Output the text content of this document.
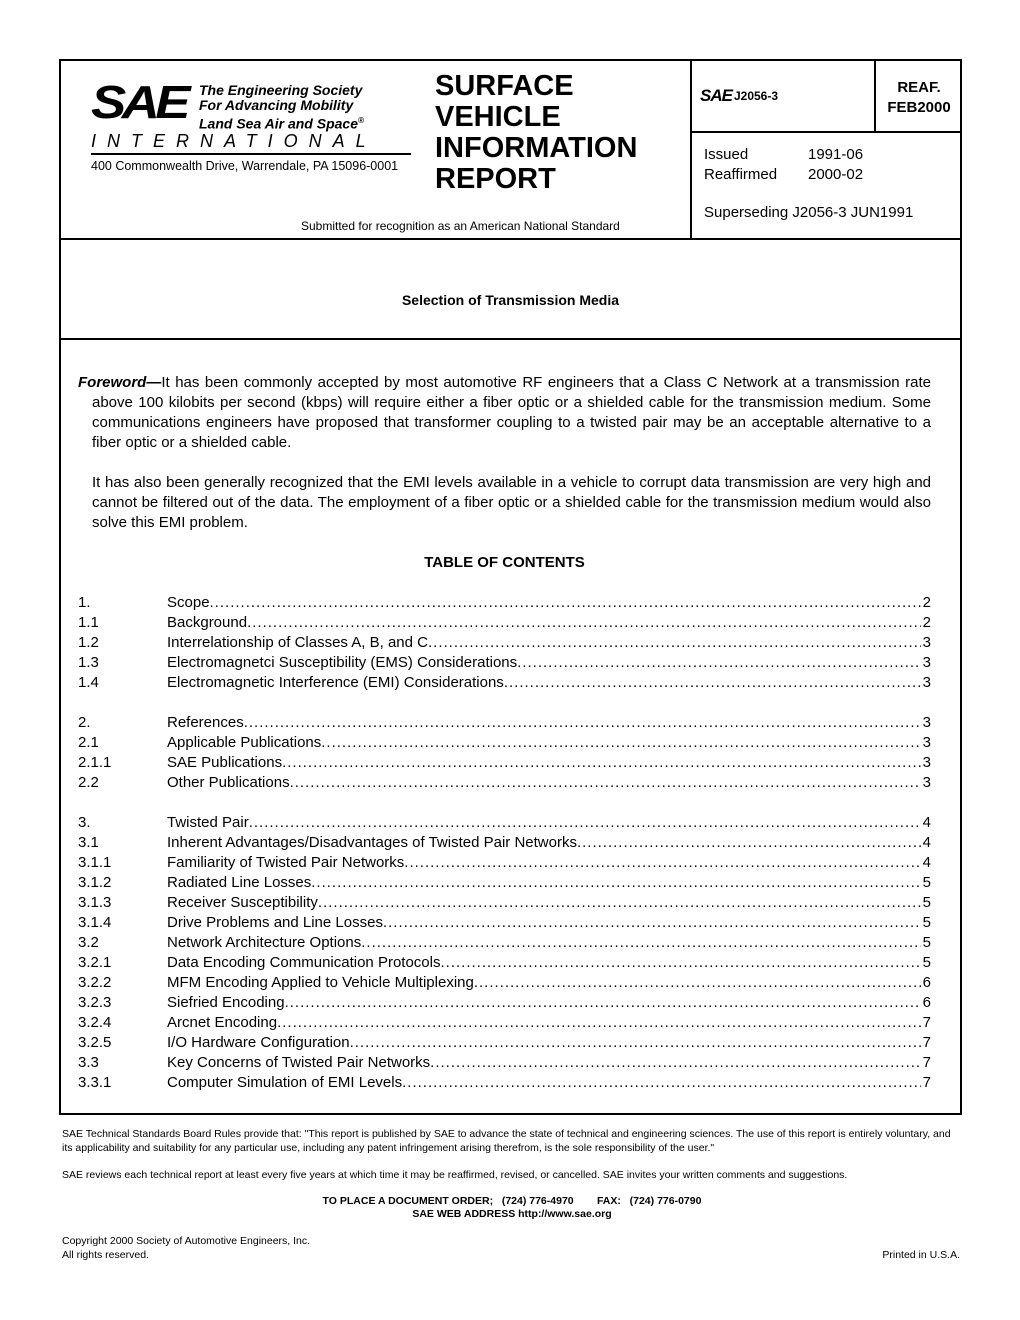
SAE The Engineering Society
For Advancing Mobility
Land Sea Air and Space®
INTERNATIONAL
400 Commonwealth Drive, Warrendale, PA 15096-0001
SURFACE
VEHICLE
INFORMATION
REPORT
Submitted for recognition as an American National Standard
SAE J2056-3	REAF.
FEB2000
Issued	1991-06
Reaffirmed	2000-02
Superseding J2056-3 JUN1991
Selection of Transmission Media
Foreword—It has been commonly accepted by most automotive RF engineers that a Class C Network at a transmission rate above 100 kilobits per second (kbps) will require either a fiber optic or a shielded cable for the transmission medium. Some communications engineers have proposed that transformer coupling to a twisted pair may be an acceptable alternative to a fiber optic or a shielded cable.
It has also been generally recognized that the EMI levels available in a vehicle to corrupt data transmission are very high and cannot be filtered out of the data. The employment of a fiber optic or a shielded cable for the transmission medium would also solve this EMI problem.
TABLE OF CONTENTS
1.	Scope .....	2
1.1	Background .....	2
1.2	Interrelationship of Classes A, B, and C .....	3
1.3	Electromagnetci Susceptibility (EMS) Considerations .....	3
1.4	Electromagnetic Interference (EMI) Considerations .....	3
2.	References .....	3
2.1	Applicable Publications .....	3
2.1.1	SAE Publications .....	3
2.2	Other Publications .....	3
3.	Twisted Pair .....	4
3.1	Inherent Advantages/Disadvantages of Twisted Pair Networks .....	4
3.1.1	Familiarity of Twisted Pair Networks .....	4
3.1.2	Radiated Line Losses .....	5
3.1.3	Receiver Susceptibility .....	5
3.1.4	Drive Problems and Line Losses .....	5
3.2	Network Architecture Options .....	5
3.2.1	Data Encoding Communication Protocols .....	5
3.2.2	MFM Encoding Applied to Vehicle Multiplexing .....	6
3.2.3	Siefried Encoding .....	6
3.2.4	Arcnet Encoding .....	7
3.2.5	I/O Hardware Configuration .....	7
3.3	Key Concerns of Twisted Pair Networks .....	7
3.3.1	Computer Simulation of EMI Levels .....	7
SAE Technical Standards Board Rules provide that: "This report is published by SAE to advance the state of technical and engineering sciences. The use of this report is entirely voluntary, and its applicability and suitability for any particular use, including any patent infringement arising therefrom, is the sole responsibility of the user."
SAE reviews each technical report at least every five years at which time it may be reaffirmed, revised, or cancelled. SAE invites your written comments and suggestions.
TO PLACE A DOCUMENT ORDER;   (724) 776-4970        FAX:   (724) 776-0790
SAE WEB ADDRESS http://www.sae.org
Copyright 2000 Society of Automotive Engineers, Inc.
All rights reserved.	Printed in U.S.A.
